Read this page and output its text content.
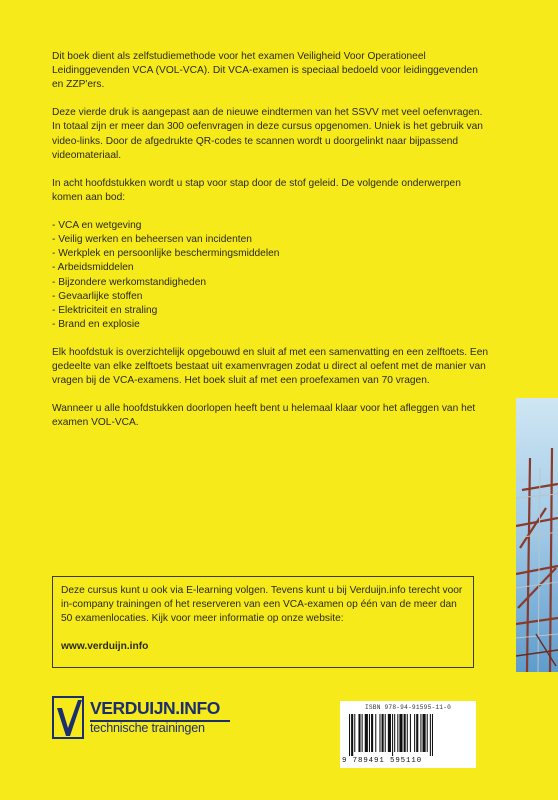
Dit boek dient als zelfstudiemethode voor het examen Veiligheid Voor Operationeel Leidinggevenden VCA (VOL-VCA). Dit VCA-examen is speciaal bedoeld voor leidinggevenden en ZZP'ers.

Deze vierde druk is aangepast aan de nieuwe eindtermen van het SSVV met veel oefenvragen. In totaal zijn er meer dan 300 oefenvragen in deze cursus opgenomen. Uniek is het gebruik van video-links. Door de afgedrukte QR-codes te scannen wordt u doorgelinkt naar bijpassend videomateriaal.

In acht hoofdstukken wordt u stap voor stap door de stof geleid. De volgende onderwerpen komen aan bod:

- VCA en wetgeving
- Veilig werken en beheersen van incidenten
- Werkplek en persoonlijke beschermingsmiddelen
- Arbeidsmiddelen
- Bijzondere werkomstandigheden
- Gevaarlijke stoffen
- Elektriciteit en straling
- Brand en explosie

Elk hoofdstuk is overzichtelijk opgebouwd en sluit af met een samenvatting en een zelftoets. Een gedeelte van elke zelftoets bestaat uit examenvragen zodat u direct al oefent met de manier van vragen bij de VCA-examens. Het boek sluit af met een proefexamen van 70 vragen.

Wanneer u alle hoofdstukken doorlopen heeft bent u helemaal klaar voor het afleggen van het examen VOL-VCA.

Deze cursus kunt u ook via E-learning volgen. Tevens kunt u bij Verduijn.info terecht voor in-company trainingen of het reserveren van een VCA-examen op één van de meer dan 50 examenlocaties. Kijk voor meer informatie op onze website:
www.verduijn.info
VERDUIJN.INFO
technische trainingen
ISBN 978-94-91595-11-0
9 789491 595110
